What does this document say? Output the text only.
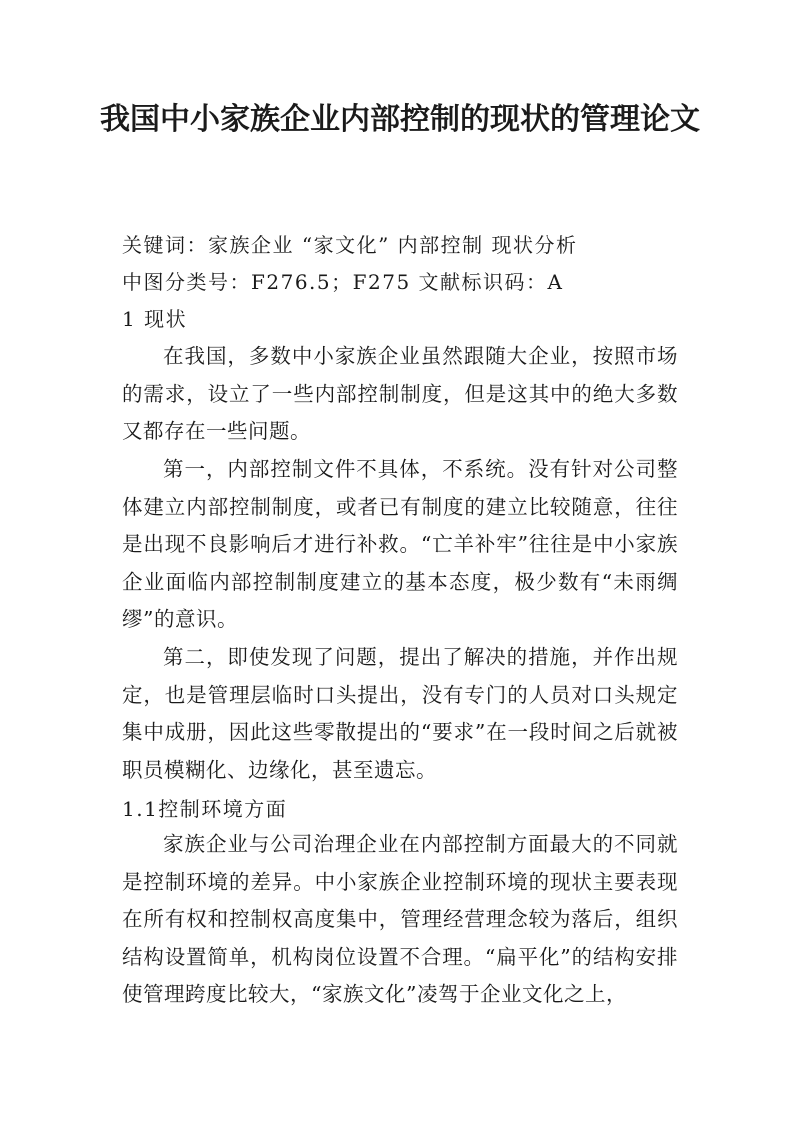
我国中小家族企业内部控制的现状的管理论文
关键词：家族企业 “家文化” 内部控制 现状分析
中图分类号：F276.5；F275 文献标识码：A
1 现状
在我国，多数中小家族企业虽然跟随大企业，按照市场的需求，设立了一些内部控制制度，但是这其中的绝大多数又都存在一些问题。
第一，内部控制文件不具体，不系统。没有针对公司整体建立内部控制制度，或者已有制度的建立比较随意，往往是出现不良影响后才进行补救。“亡羊补牢”往往是中小家族企业面临内部控制制度建立的基本态度，极少数有“未雨绸缪”的意识。
第二，即使发现了问题，提出了解决的措施，并作出规定，也是管理层临时口头提出，没有专门的人员对口头规定集中成册，因此这些零散提出的“要求”在一段时间之后就被职员模糊化、边缘化，甚至遗忘。
1.1控制环境方面
家族企业与公司治理企业在内部控制方面最大的不同就是控制环境的差异。中小家族企业控制环境的现状主要表现在所有权和控制权高度集中，管理经营理念较为落后，组织结构设置简单，机构岗位设置不合理。“扁平化”的结构安排使管理跨度比较大，“家族文化”凌驾于企业文化之上，
